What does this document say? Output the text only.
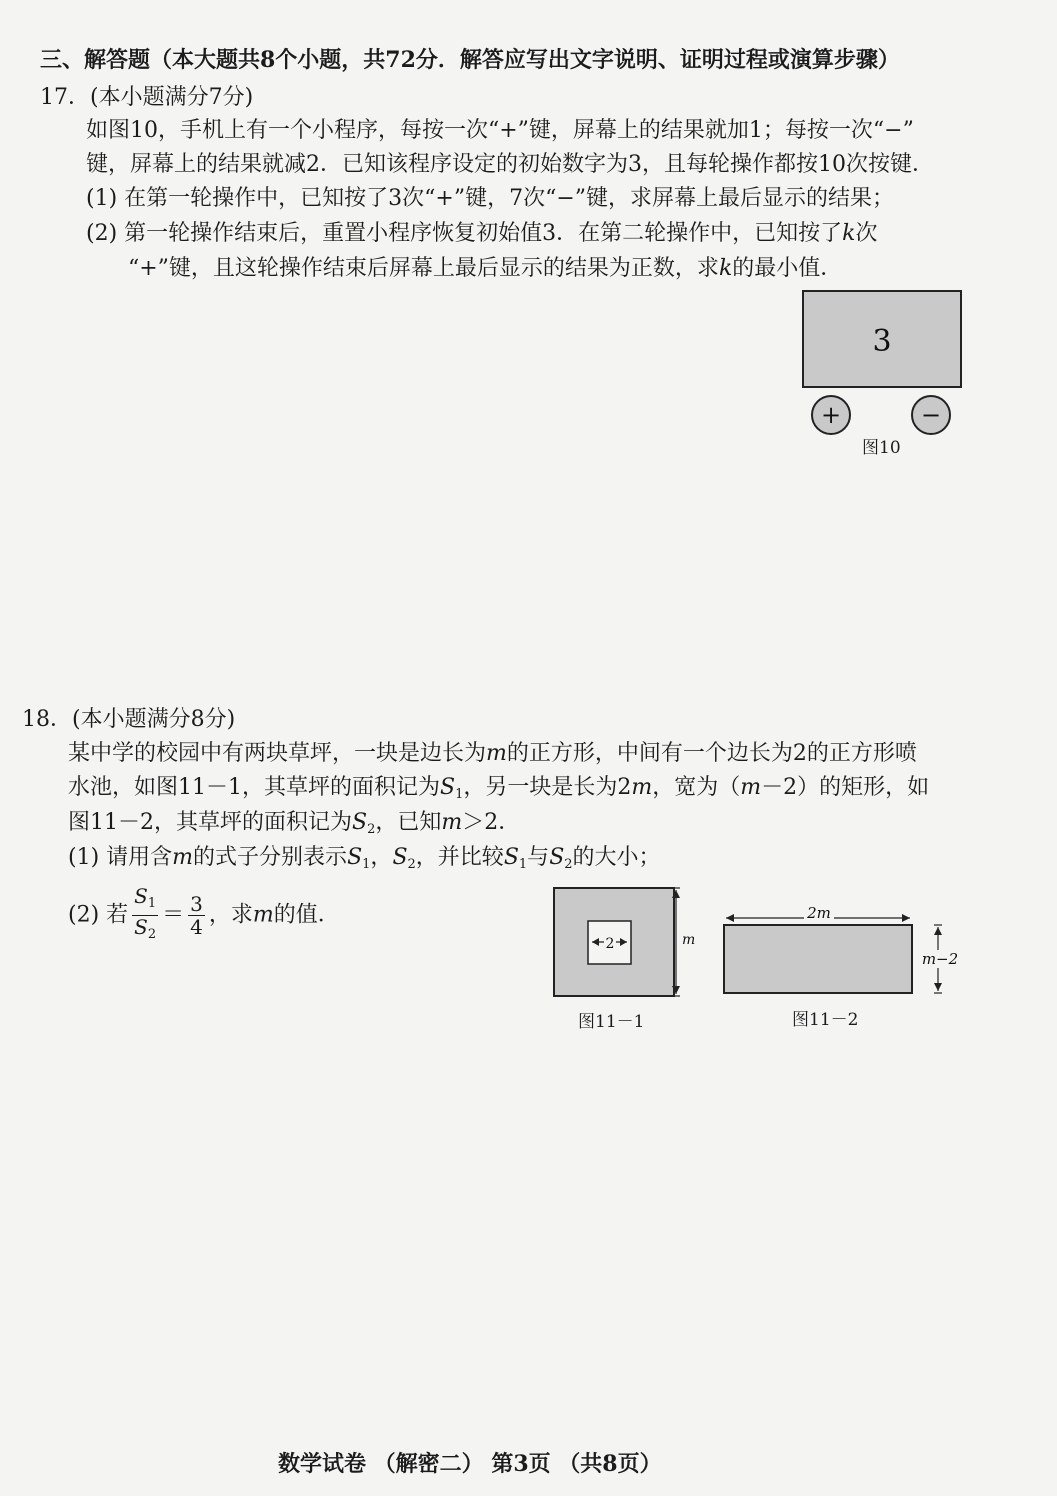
三、解答题（本大题共8个小题，共72分．解答应写出文字说明、证明过程或演算步骤）
17．(本小题满分7分)
如图10，手机上有一个小程序，每按一次“+”键，屏幕上的结果就加1；每按一次“−”
键，屏幕上的结果就减2．已知该程序设定的初始数字为3，且每轮操作都按10次按键．
(1) 在第一轮操作中，已知按了3次“+”键，7次“−”键，求屏幕上最后显示的结果；
(2) 第一轮操作结束后，重置小程序恢复初始值3．在第二轮操作中，已知按了k次
“+”键，且这轮操作结束后屏幕上最后显示的结果为正数，求k的最小值．
3
+	−
图10
18．(本小题满分8分)
某中学的校园中有两块草坪，一块是边长为m的正方形，中间有一个边长为2的正方形喷
水池，如图11－1，其草坪的面积记为$S_1$，另一块是长为2m，宽为（m－2）的矩形，如
图11－2，其草坪的面积记为$S_2$，已知m＞2．
(1) 请用含m的式子分别表示$S_1$，$S_2$，并比较$S_1$与$S_2$的大小；
(2) 若 $\frac{S_1}{S_2} = \frac{3}{4}$ ，求m的值．
2	m
图11－1
2m
m−2
图11－2
数学试卷 （解密二） 第3页 （共8页）
